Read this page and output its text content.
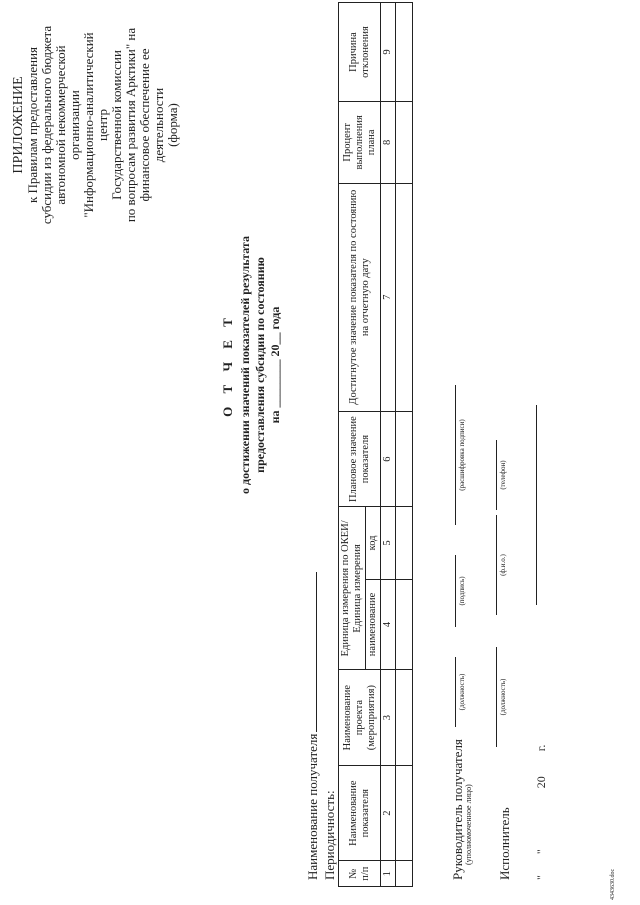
ПРИЛОЖЕНИЕ к Правилам предоставления субсидии из федерального бюджета автономной некоммерческой организации "Информационно-аналитический центр Государственной комиссии по вопросам развития Арктики" на финансовое обеспечение ее деятельности (форма)
О Т Ч Е Т о достижении значений показателей результата предоставления субсидии по состоянию на ________ 20__ года
Наименование получателя Периодичность: № п/п	Наименование показателя	Наименование проекта (мероприятия)	Единица измерения по ОКЕИ/Единица измерения		Плановое значение показателя	Достигнутое значение показателя по состоянию на отчетную дату	Процент выполнения плана	Причина отклонения
			наименование	код				
1	2	3	4	5	6	7	8	9

Руководитель получателя (уполномоченное лицо)
(должность)
(подпись)
(расшифровка подписи)
Исполнитель
(должность)
(ф.и.о.)
(телефон)
" " 20 г.
4343630.doc
